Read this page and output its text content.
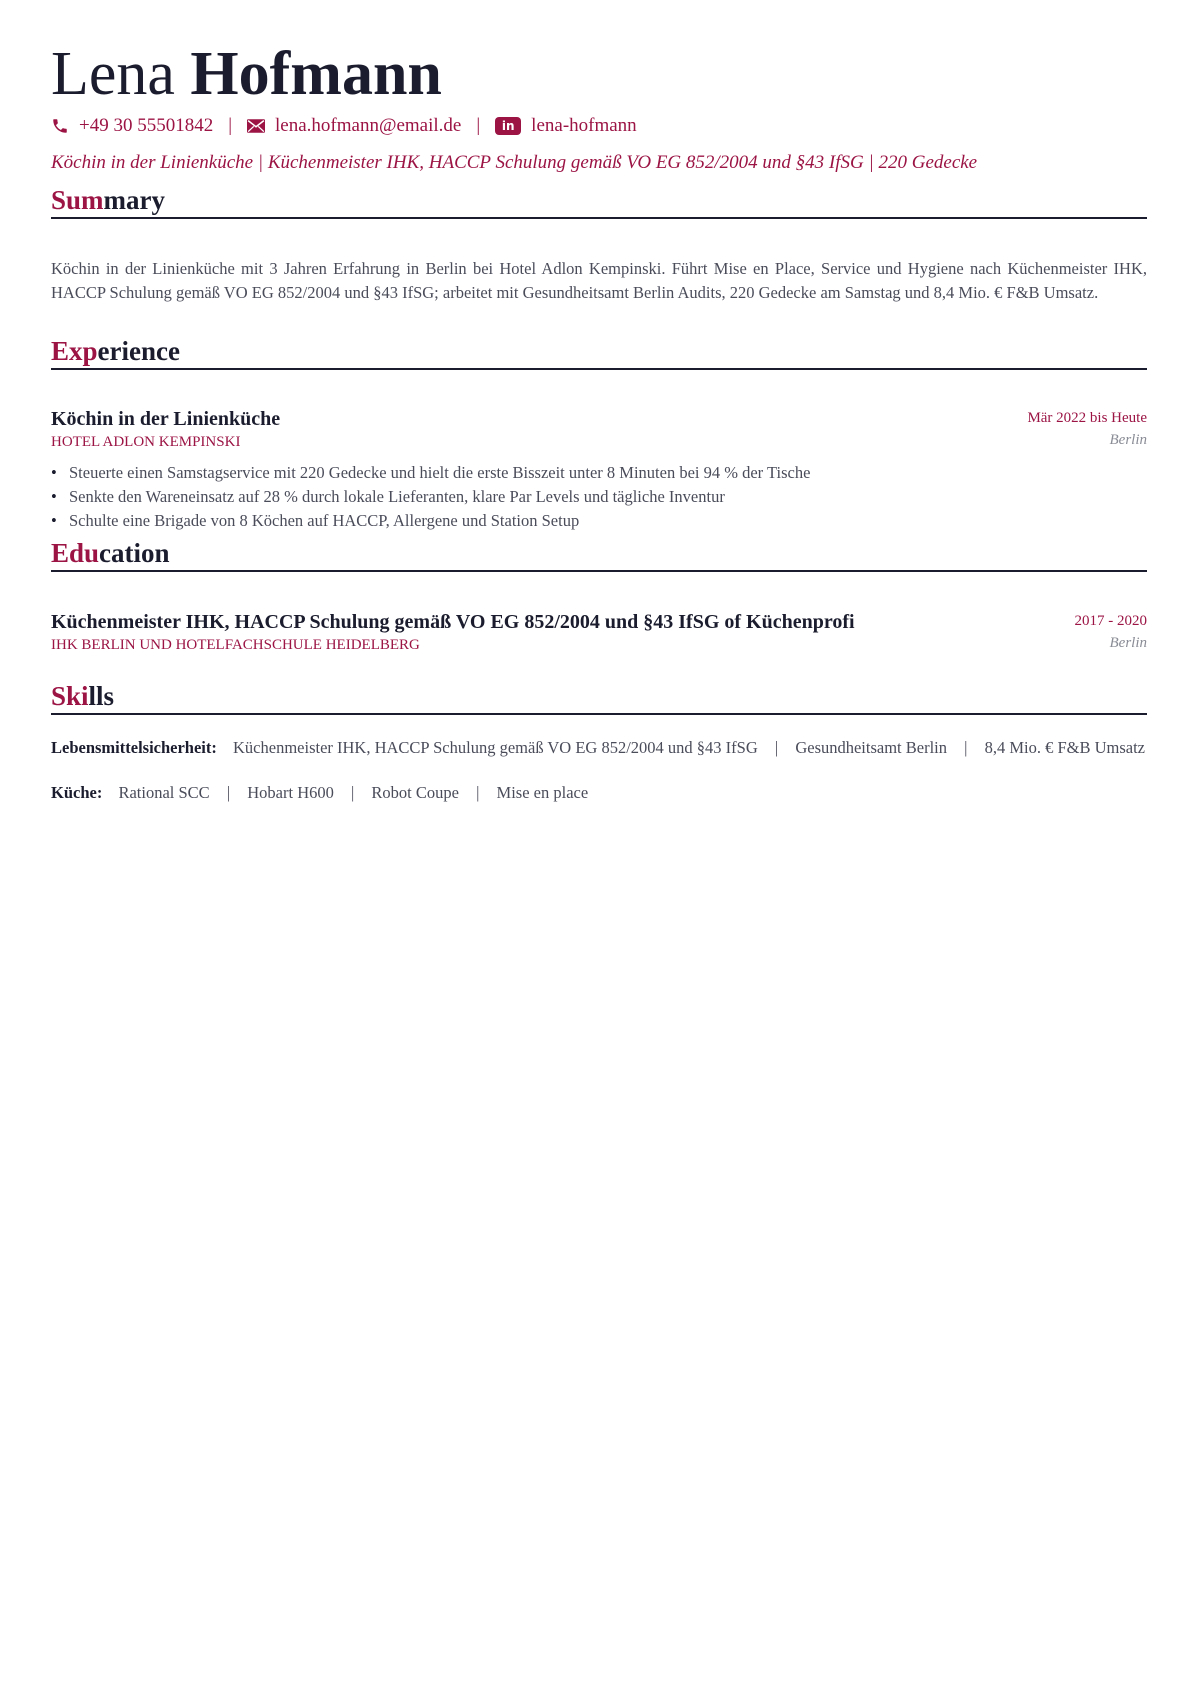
Lena Hofmann
+49 30 55501842 | lena.hofmann@email.de |	in lena-hofmann
Köchin in der Linienküche | Küchenmeister IHK, HACCP Schulung gemäß VO EG 852/2004 und §43 IfSG | 220 Gedecke
Summary
Köchin in der Linienküche mit 3 Jahren Erfahrung in Berlin bei Hotel Adlon Kempinski. Führt Mise en Place, Service und Hygiene nach Küchenmeister IHK, HACCP Schulung gemäß VO EG 852/2004 und §43 IfSG; arbeitet mit Gesundheitsamt Berlin Audits, 220 Gedecke am Samstag und 8,4 Mio. € F&B Umsatz.
Experience
Köchin in der Linienküche
HOTEL ADLON KEMPINSKI
Mär 2022 bis Heute
Berlin
• Steuerte einen Samstagservice mit 220 Gedecke und hielt die erste Bisszeit unter 8 Minuten bei 94 % der Tische
• Senkte den Wareneinsatz auf 28 % durch lokale Lieferanten, klare Par Levels und tägliche Inventur
• Schulte eine Brigade von 8 Köchen auf HACCP, Allergene und Station Setup
Education
Küchenmeister IHK, HACCP Schulung gemäß VO EG 852/2004 und §43 IfSG of Küchenprofi
IHK BERLIN UND HOTELFACHSCHULE HEIDELBERG
2017 - 2020
Berlin
Skills
Lebensmittelsicherheit: Küchenmeister IHK, HACCP Schulung gemäß VO EG 852/2004 und §43 IfSG | Gesundheitsamt Berlin | 8,4 Mio. € F&B Umsatz
Küche: Rational SCC | Hobart H600 | Robot Coupe | Mise en place
